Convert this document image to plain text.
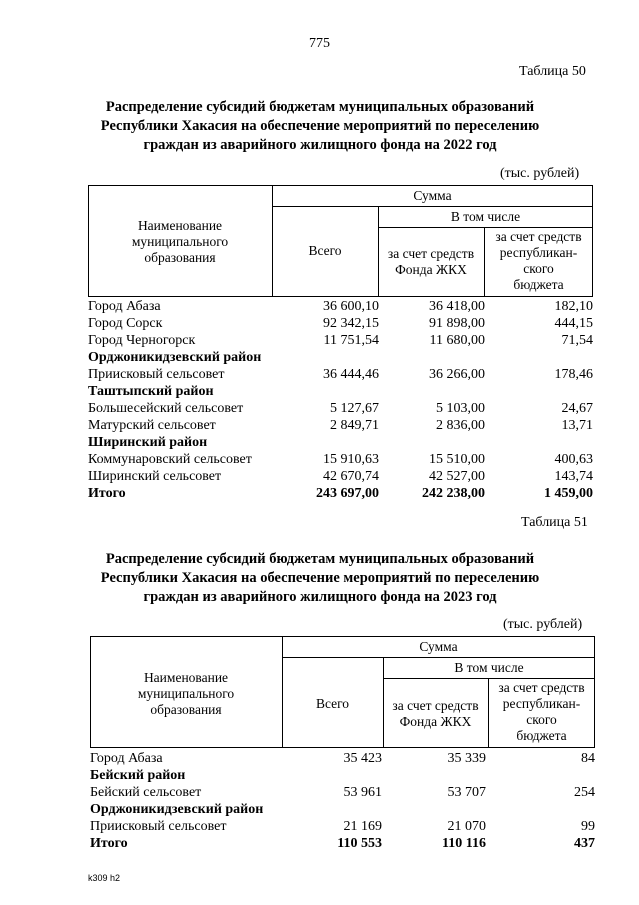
775
Таблица 50
Распределение субсидий бюджетам муниципальных образований
Республики Хакасия на обеспечение мероприятий по переселению
граждан из аварийного жилищного фонда на 2022 год
(тыс. рублей)
Наименование
муниципального
образования
Сумма
Всего
В том числе
за счет средств
Фонда ЖКХ
за счет средств
республикан-
ского
бюджета
Город Абаза	36 600,10	36 418,00	182,10
Город Сорск	92 342,15	91 898,00	444,15
Город Черногорск	11 751,54	11 680,00	71,54
Орджоникидзевский район
Приисковый сельсовет	36 444,46	36 266,00	178,46
Таштыпский район
Большесейский сельсовет	5 127,67	5 103,00	24,67
Матурский сельсовет	2 849,71	2 836,00	13,71
Ширинский район
Коммунаровский сельсовет	15 910,63	15 510,00	400,63
Ширинский сельсовет	42 670,74	42 527,00	143,74
Итого	243 697,00	242 238,00	1 459,00
Таблица 51
Распределение субсидий бюджетам муниципальных образований
Республики Хакасия на обеспечение мероприятий по переселению
граждан из аварийного жилищного фонда на 2023 год
(тыс. рублей)
Наименование
муниципального
образования
Сумма
Всего
В том числе
за счет средств
Фонда ЖКХ
за счет средств
республикан-
ского
бюджета
Город Абаза	35 423	35 339	84
Бейский район
Бейский сельсовет	53 961	53 707	254
Орджоникидзевский район
Приисковый сельсовет	21 169	21 070	99
Итого	110 553	110 116	437
k309 h2
